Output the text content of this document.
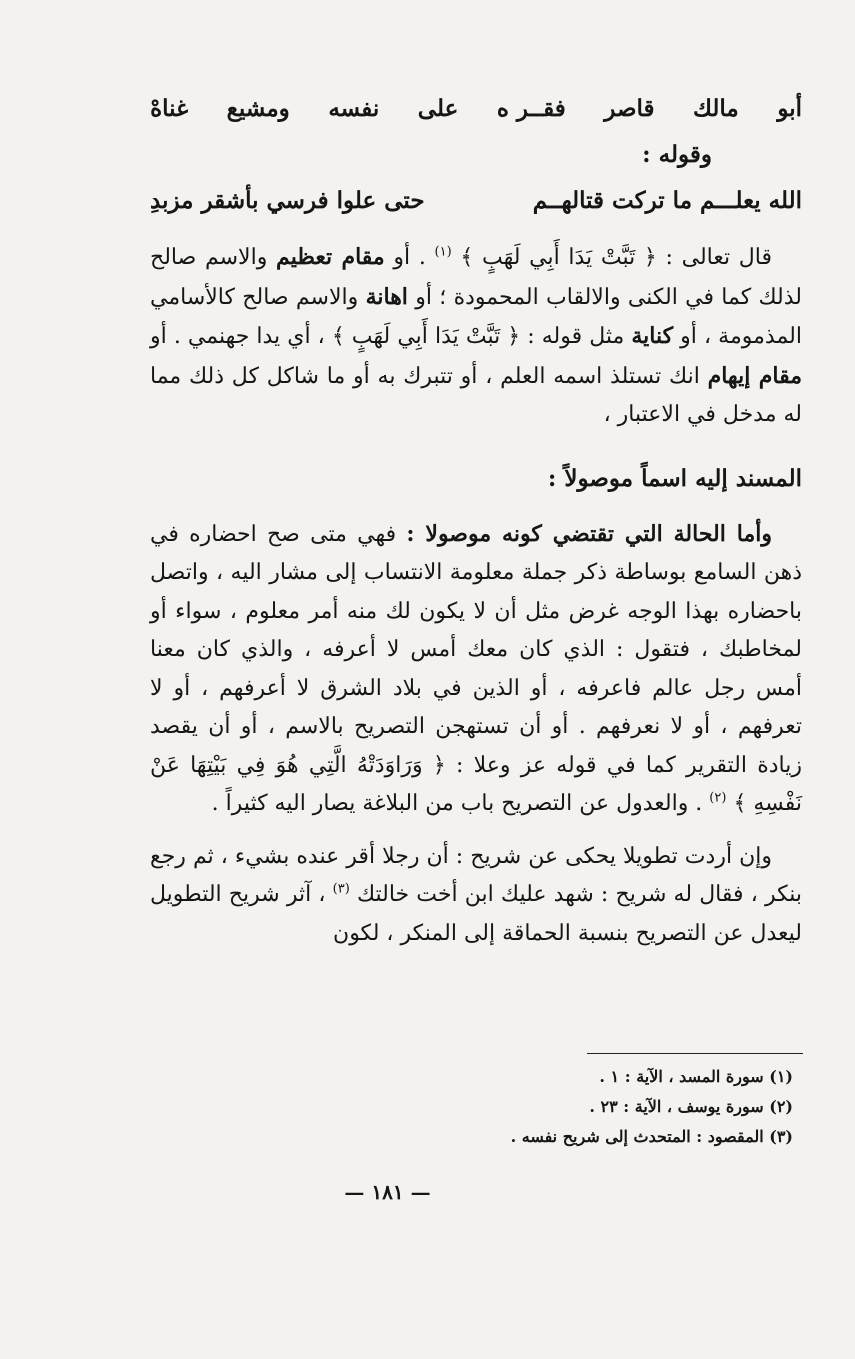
أبو
مالك
قاصر
فقــر ه
على
نفسه
ومشيع
غناهْ
وقوله :
الله يعلـــم ما تركت قتالهــم
حتى علوا فرسي بأشقر مزبدِ

قال تعالى : ﴿ تَبَّتْ يَدَا أَبِي لَهَبٍ ﴾ $^{(١)}$ . أو مقام تعظيم والاسم صالح لذلك كما في الكنى والالقاب المحمودة ؛ أو اهانة والاسم صالح كالأسامي المذمومة ، أو كناية مثل قوله : ﴿ تَبَّتْ يَدَا أَبِي لَهَبٍ ﴾ ، أي يدا جهنمي . أو مقام إيهام انك تستلذ اسمه العلم ، أو تتبرك به أو ما شاكل كل ذلك مما له مدخل في الاعتبار ،

المسند إليه اسماً موصولاً :

وأما الحالة التي تقتضي كونه موصولا : فهي متى صح احضاره في ذهن السامع بوساطة ذكر جملة معلومة الانتساب إلى مشار اليه ، واتصل باحضاره بهذا الوجه غرض مثل أن لا يكون لك منه أمر معلوم ، سواء أو لمخاطبك ، فتقول : الذي كان معك أمس لا أعرفه ، والذي كان معنا أمس رجل عالم فاعرفه ، أو الذين في بلاد الشرق لا أعرفهم ، أو لا تعرفهم ، أو لا نعرفهم . أو أن تستهجن التصريح بالاسم ، أو أن يقصد زيادة التقرير كما في قوله عز وعلا : ﴿ وَرَاوَدَتْهُ الَّتِي هُوَ فِي بَيْتِهَا عَنْ نَفْسِهِ ﴾ $^{(٢)}$ . والعدول عن التصريح باب من البلاغة يصار اليه كثيراً .

وإن أردت تطويلا يحكى عن شريح : أن رجلا أقر عنده بشيء ، ثم رجع بنكر ، فقال له شريح : شهد عليك ابن أخت خالتك $^{(٣)}$ ، آثر شريح التطويل ليعدل عن التصريح بنسبة الحماقة إلى المنكر ، لكون

(١) سورة المسد ، الآية : ١ .
(٢) سورة يوسف ، الآية : ٢٣ .
(٣) المقصود : المتحدث إلى شريح نفسه .
— ١٨١ —
